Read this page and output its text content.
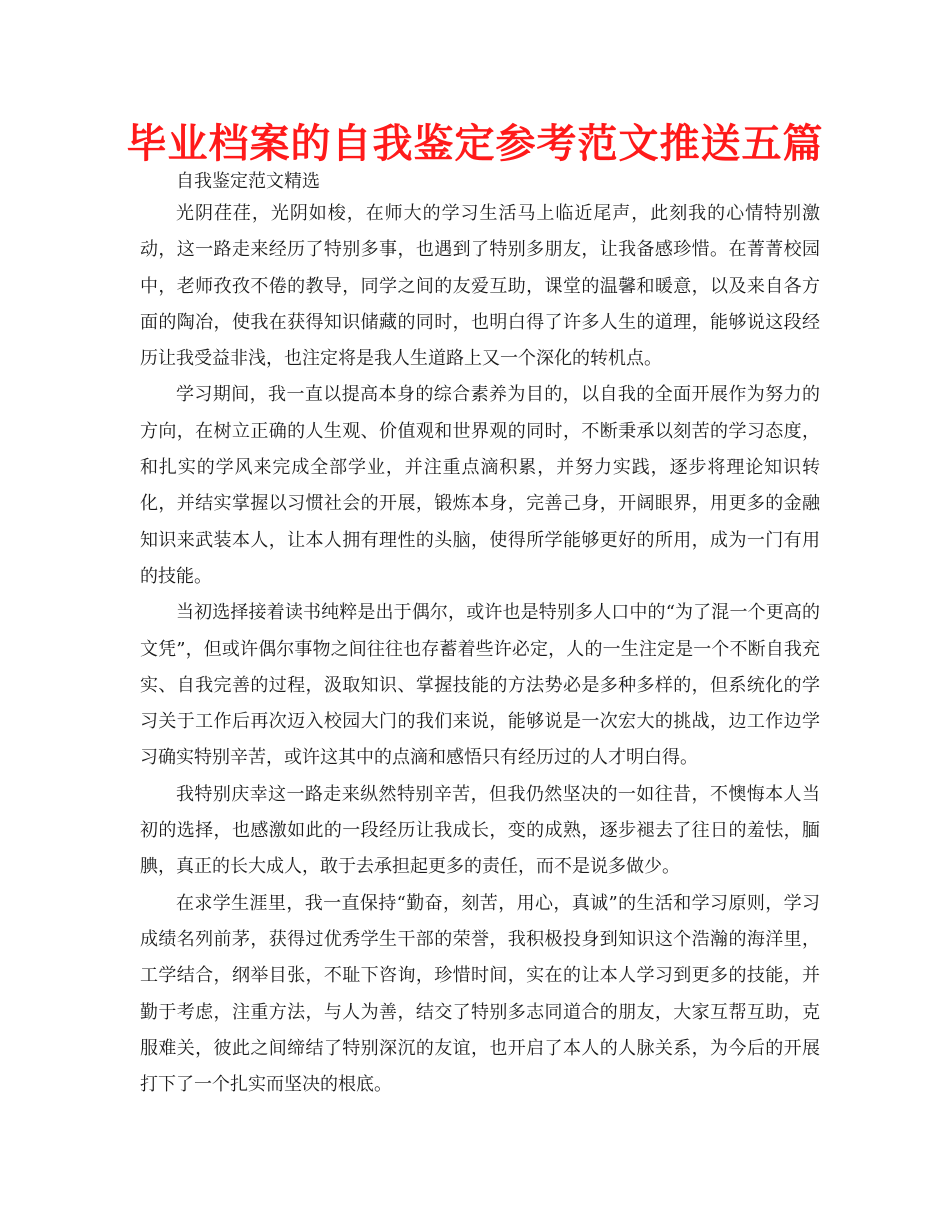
毕业档案的自我鉴定参考范文推送五篇
自我鉴定范文精选

光阴荏荏，光阴如梭，在师大的学习生活马上临近尾声，此刻我的心情特别激动，这一路走来经历了特别多事，也遇到了特别多朋友，让我备感珍惜。在菁菁校园中，老师孜孜不倦的教导，同学之间的友爱互助，课堂的温馨和暖意，以及来自各方面的陶冶，使我在获得知识储藏的同时，也明白得了许多人生的道理，能够说这段经历让我受益非浅，也注定将是我人生道路上又一个深化的转机点。

学习期间，我一直以提高本身的综合素养为目的，以自我的全面开展作为努力的方向，在树立正确的人生观、价值观和世界观的同时，不断秉承以刻苦的学习态度，和扎实的学风来完成全部学业，并注重点滴积累，并努力实践，逐步将理论知识转化，并结实掌握以习惯社会的开展，锻炼本身，完善己身，开阔眼界，用更多的金融知识来武装本人，让本人拥有理性的头脑，使得所学能够更好的所用，成为一门有用的技能。

当初选择接着读书纯粹是出于偶尔，或许也是特别多人口中的“为了混一个更高的文凭”，但或许偶尔事物之间往往也存蓄着些许必定，人的一生注定是一个不断自我充实、自我完善的过程，汲取知识、掌握技能的方法势必是多种多样的，但系统化的学习关于工作后再次迈入校园大门的我们来说，能够说是一次宏大的挑战，边工作边学习确实特别辛苦，或许这其中的点滴和感悟只有经历过的人才明白得。

我特别庆幸这一路走来纵然特别辛苦，但我仍然坚决的一如往昔，不懊悔本人当初的选择，也感激如此的一段经历让我成长，变的成熟，逐步褪去了往日的羞怯，腼腆，真正的长大成人，敢于去承担起更多的责任，而不是说多做少。

在求学生涯里，我一直保持“勤奋，刻苦，用心，真诚”的生活和学习原则，学习成绩名列前茅，获得过优秀学生干部的荣誉，我积极投身到知识这个浩瀚的海洋里，工学结合，纲举目张，不耻下咨询，珍惜时间，实在的让本人学习到更多的技能，并勤于考虑，注重方法，与人为善，结交了特别多志同道合的朋友，大家互帮互助，克服难关，彼此之间缔结了特别深沉的友谊，也开启了本人的人脉关系，为今后的开展打下了一个扎实而坚决的根底。
